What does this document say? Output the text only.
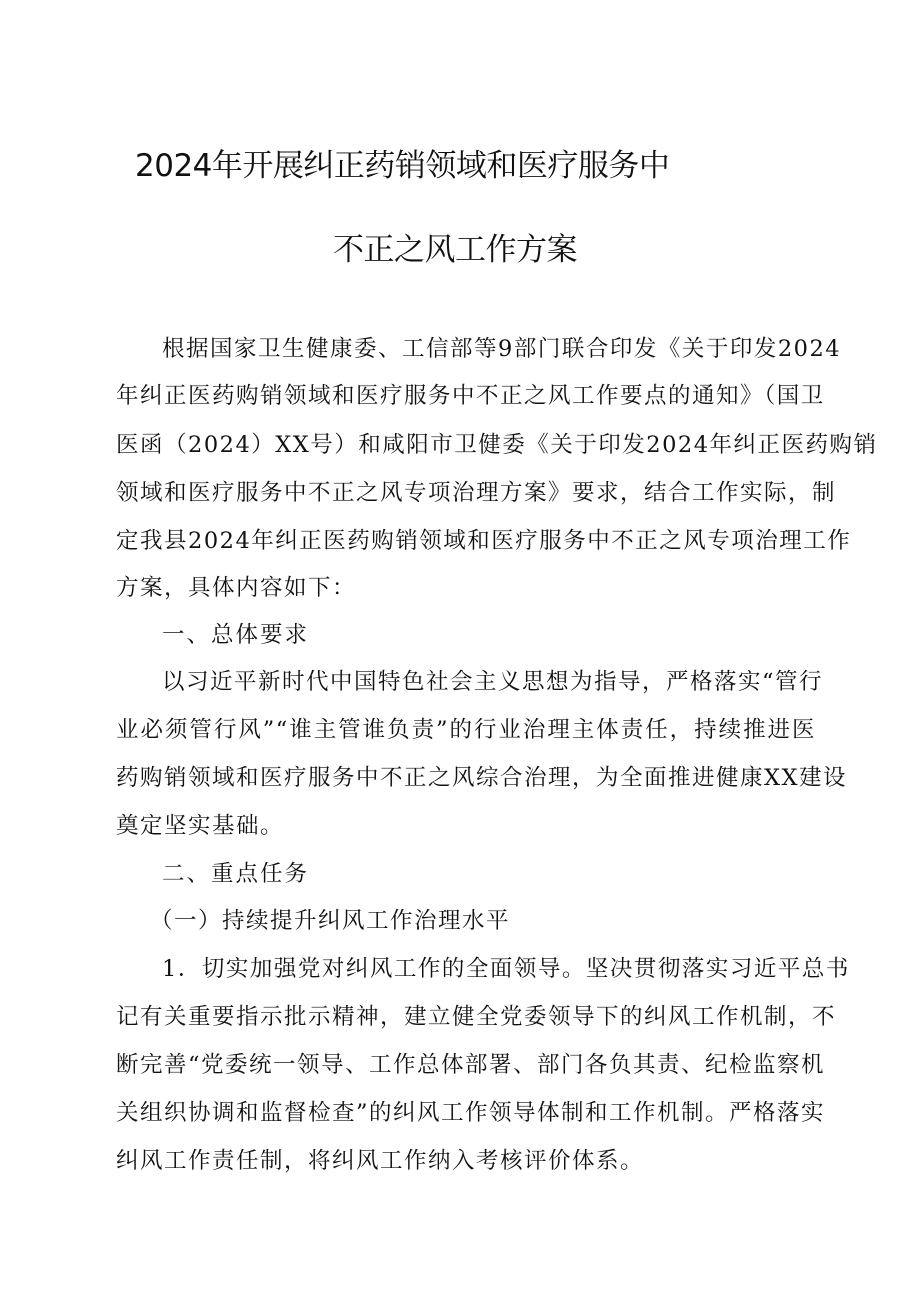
2024年开展纠正药销领域和医疗服务中
不正之风工作方案
根据国家卫生健康委、工信部等9部门联合印发《关于印发2024
年纠正医药购销领域和医疗服务中不正之风工作要点的通知》（国卫
医函（2024）XX号）和咸阳市卫健委《关于印发2024年纠正医药购销
领域和医疗服务中不正之风专项治理方案》要求，结合工作实际，制
定我县2024年纠正医药购销领域和医疗服务中不正之风专项治理工作
方案，具体内容如下：
一、总体要求
以习近平新时代中国特色社会主义思想为指导，严格落实“管行
业必须管行风”“谁主管谁负责”的行业治理主体责任，持续推进医
药购销领域和医疗服务中不正之风综合治理，为全面推进健康XX建设
奠定坚实基础。
二、重点任务
（一）持续提升纠风工作治理水平
1．切实加强党对纠风工作的全面领导。坚决贯彻落实习近平总书
记有关重要指示批示精神，建立健全党委领导下的纠风工作机制，不
断完善“党委统一领导、工作总体部署、部门各负其责、纪检监察机
关组织协调和监督检查”的纠风工作领导体制和工作机制。严格落实
纠风工作责任制，将纠风工作纳入考核评价体系。
